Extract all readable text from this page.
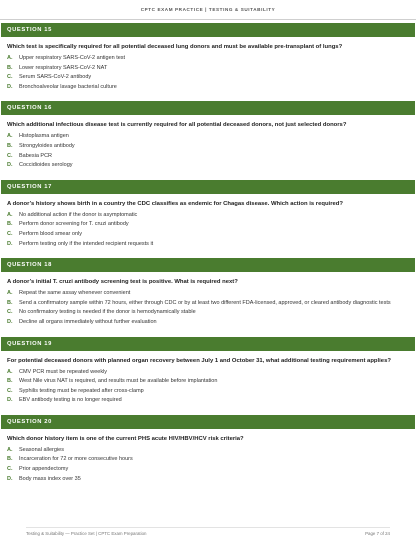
CPTC EXAM PRACTICE | TESTING & SUITABILITY
QUESTION 15
Which test is specifically required for all potential deceased lung donors and must be available pre-transplant of lungs?
A. Upper respiratory SARS-CoV-2 antigen test
B. Lower respiratory SARS-CoV-2 NAT
C. Serum SARS-CoV-2 antibody
D. Bronchoalveolar lavage bacterial culture
QUESTION 16
Which additional infectious disease test is currently required for all potential deceased donors, not just selected donors?
A. Histoplasma antigen
B. Strongyloides antibody
C. Babesia PCR
D. Coccidioides serology
QUESTION 17
A donor’s history shows birth in a country the CDC classifies as endemic for Chagas disease. Which action is required?
A. No additional action if the donor is asymptomatic
B. Perform donor screening for T. cruzi antibody
C. Perform blood smear only
D. Perform testing only if the intended recipient requests it
QUESTION 18
A donor’s initial T. cruzi antibody screening test is positive. What is required next?
A. Repeat the same assay whenever convenient
B. Send a confirmatory sample within 72 hours, either through CDC or by at least two different FDA-licensed, approved, or cleared antibody diagnostic tests
C. No confirmatory testing is needed if the donor is hemodynamically stable
D. Decline all organs immediately without further evaluation
QUESTION 19
For potential deceased donors with planned organ recovery between July 1 and October 31, what additional testing requirement applies?
A. CMV PCR must be repeated weekly
B. West Nile virus NAT is required, and results must be available before implantation
C. Syphilis testing must be repeated after cross-clamp
D. EBV antibody testing is no longer required
QUESTION 20
Which donor history item is one of the current PHS acute HIV/HBV/HCV risk criteria?
A. Seasonal allergies
B. Incarceration for 72 or more consecutive hours
C. Prior appendectomy
D. Body mass index over 35
Testing & Suitability — Practice Set | CPTC Exam Preparation	Page 7 of 24
